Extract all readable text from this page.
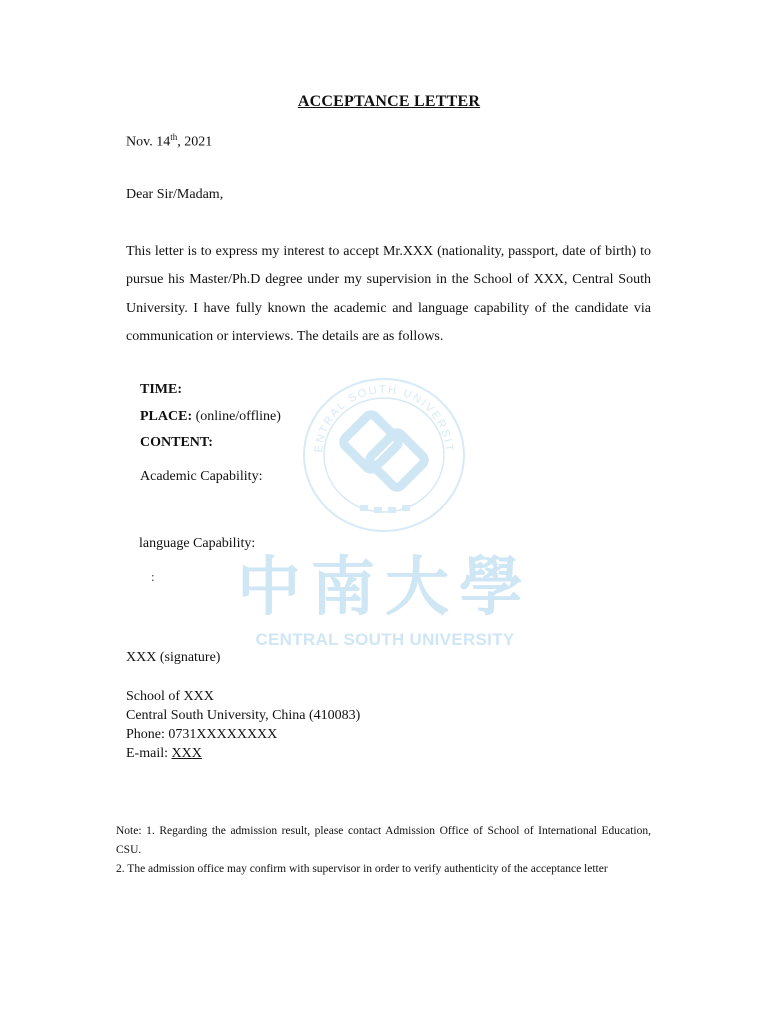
ENTRAL SOUTH UNIVERSIT
中南大學
CENTRAL SOUTH UNIVERSITY
ACCEPTANCE LETTER
Nov. 14th, 2021
Dear Sir/Madam,
This letter is to express my interest to accept Mr.XXX (nationality, passport, date of birth) to pursue his Master/Ph.D degree under my supervision in the School of XXX, Central South University. I have fully known the academic and language capability of the candidate via communication or interviews. The details are as follows.
TIME:
PLACE: (online/offline)
CONTENT:
Academic Capability:
language Capability:
:
XXX (signature)
School of XXX
Central South University, China (410083)
Phone: 0731XXXXXXXX
E-mail: XXX

Note: 1. Regarding the admission result, please contact Admission Office of School of International Education, CSU.

2. The admission office may confirm with supervisor in order to verify authenticity of the acceptance letter
